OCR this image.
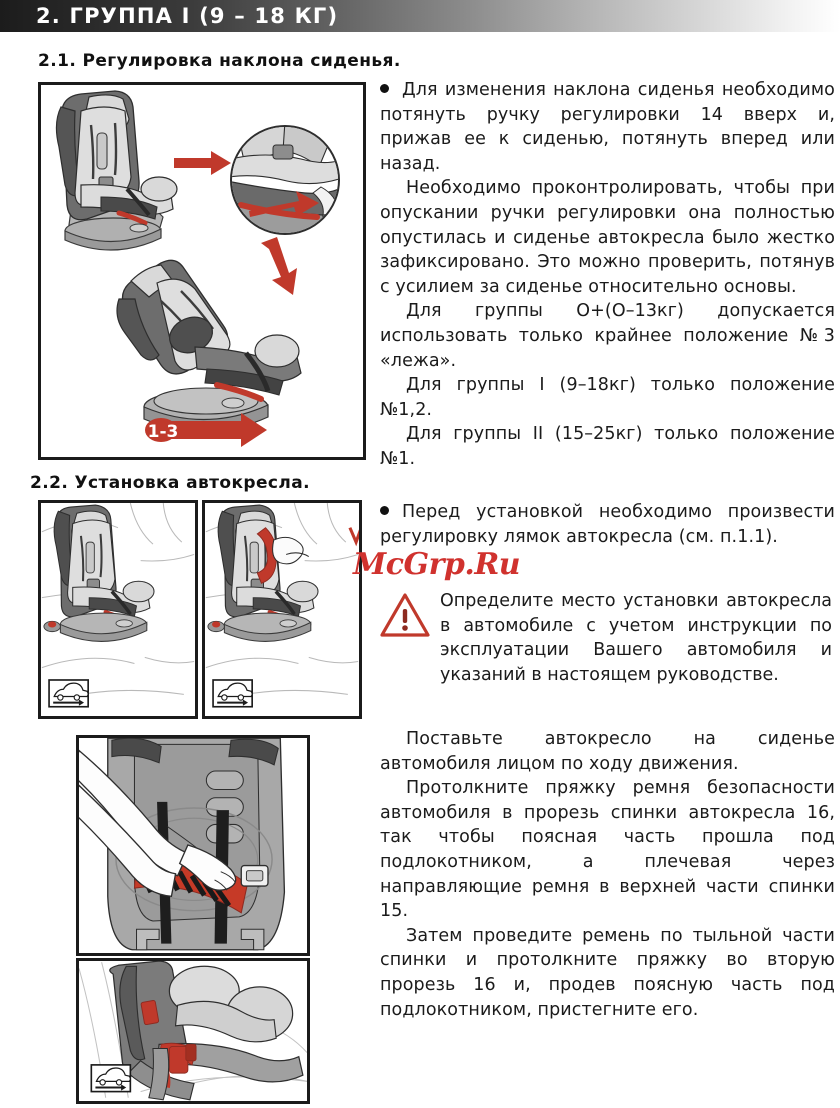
2. ГРУППА I (9 – 18 КГ)
2.1. Регулировка наклона сиденья.
1-3

Для изменения наклона сиденья необходимо потянуть ручку регулировки 14 вверх и, прижав ее к сиденью, потянуть вперед или назад.

Необходимо проконтролировать, чтобы при опускании ручки регулировки она полностью опустилась и сиденье автокресла было жестко зафиксировано. Это можно проверить, потянув с усилием за сиденье относительно основы.

Для группы O+(O–13кг) допускается использовать только крайнее положение №3 «лежа».

Для группы I (9–18кг) только положение №1,2.

Для группы II (15–25кг) только положение №1.

2.2. Установка автокресла.

Перед установкой необходимо произвести регулировку лямок автокресла (см. п.1.1).

McGrp.Ru
Определите место установки автокресла в автомобиле с учетом инструкции по эксплуатации Вашего автомобиля и указаний в настоящем руководстве.

Поставьте автокресло на сиденье автомобиля лицом по ходу движения.

Протолкните пряжку ремня безопасности автомобиля в прорезь спинки автокресла 16, так чтобы поясная часть прошла под подлокотником, а плечевая через направляющие ремня в верхней части спинки 15.

Затем проведите ремень по тыльной части спинки и протолкните пряжку во вторую прорезь 16 и, продев поясную часть под подлокотником, пристегните его.
